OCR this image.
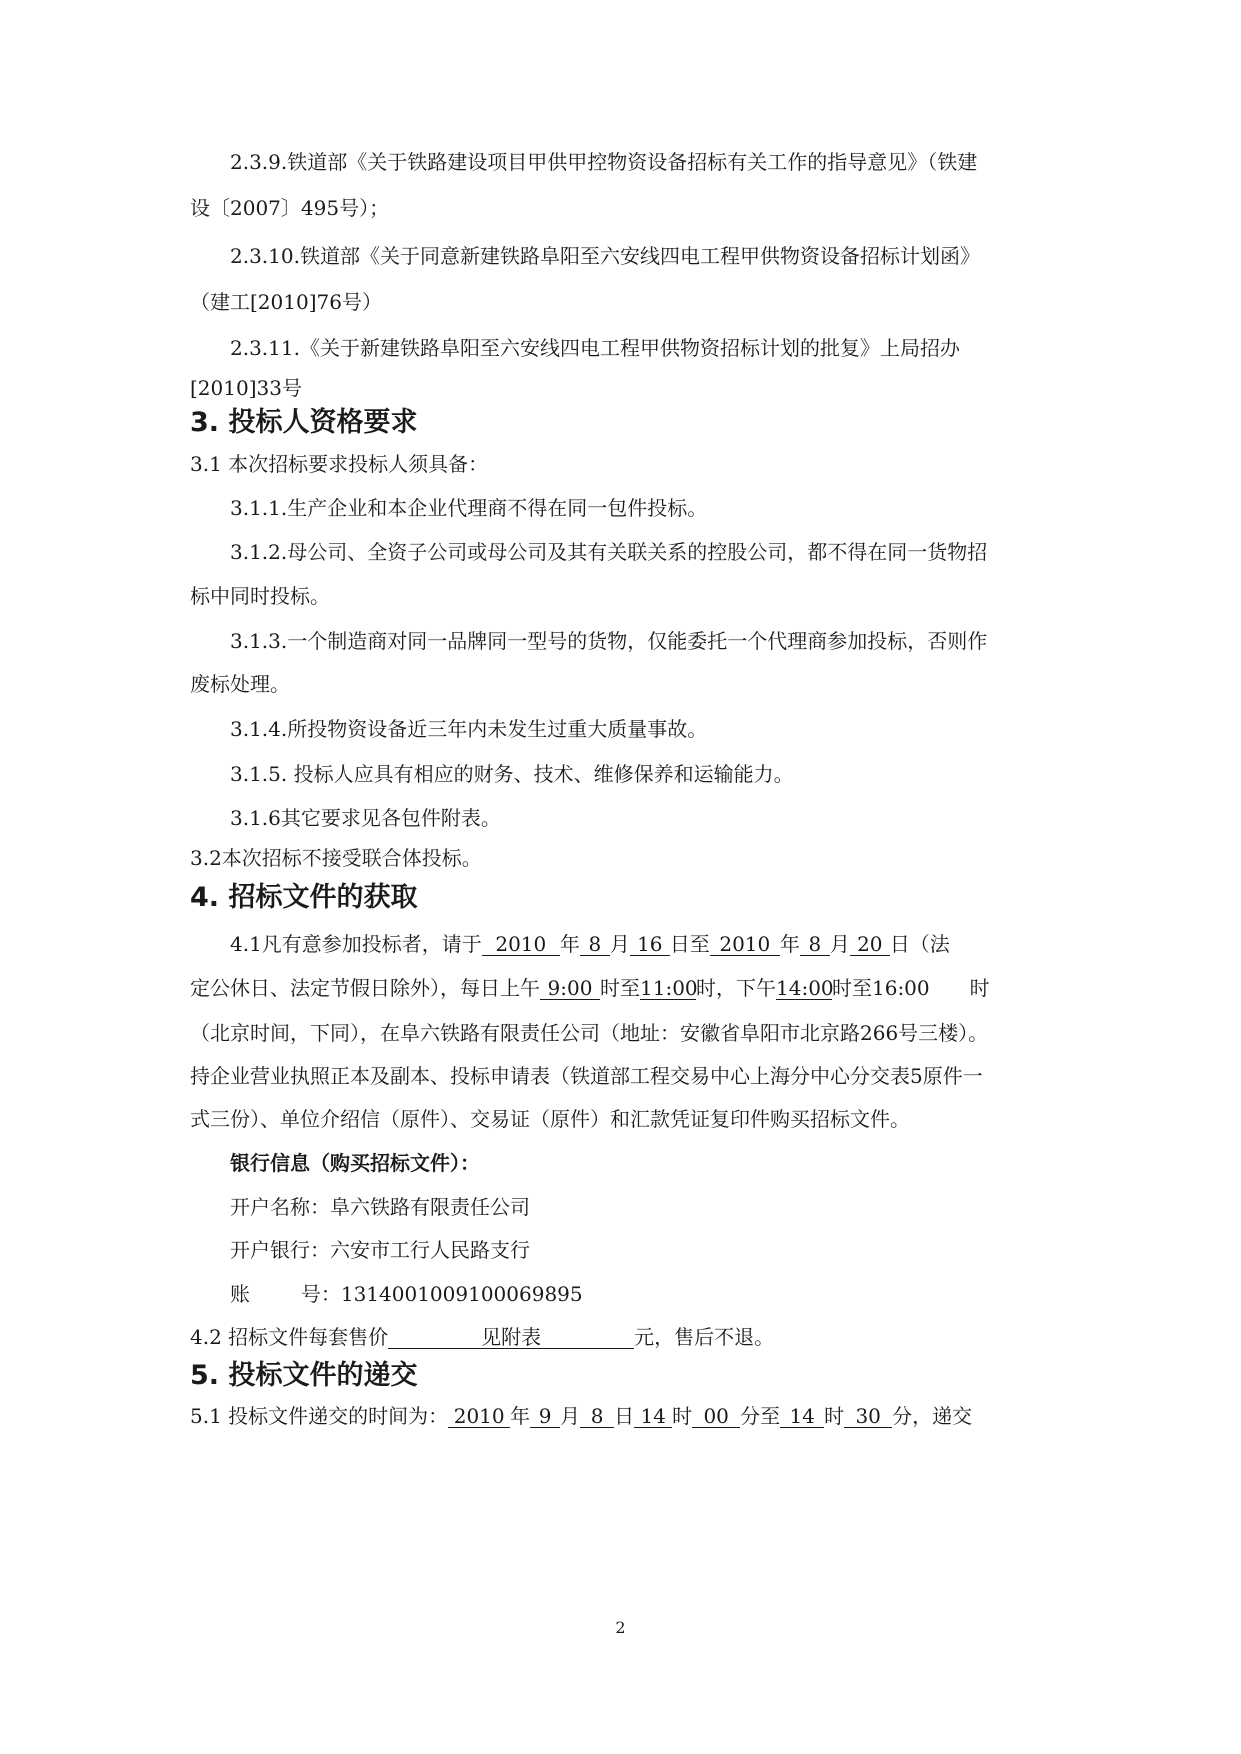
2.3.9.铁道部《关于铁路建设项目甲供甲控物资设备招标有关工作的指导意见》（铁建
设〔2007〕495号）；
2.3.10.铁道部《关于同意新建铁路阜阳至六安线四电工程甲供物资设备招标计划函》
（建工[2010]76号）
2.3.11.《关于新建铁路阜阳至六安线四电工程甲供物资招标计划的批复》上局招办
[2010]33号
3. 投标人资格要求
3.1 本次招标要求投标人须具备：
3.1.1.生产企业和本企业代理商不得在同一包件投标。
3.1.2.母公司、全资子公司或母公司及其有关联关系的控股公司，都不得在同一货物招
标中同时投标。
3.1.3.一个制造商对同一品牌同一型号的货物，仅能委托一个代理商参加投标，否则作
废标处理。
3.1.4.所投物资设备近三年内未发生过重大质量事故。
3.1.5. 投标人应具有相应的财务、技术、维修保养和运输能力。
3.1.6其它要求见各包件附表。
3.2本次招标不接受联合体投标。
4. 招标文件的获取
4.1凡有意参加投标者，请于 2010 年 8 月 16 日至 2010 年 8 月 20 日（法
定公休日、法定节假日除外），每日上午 9:00 时至11:00时，下午14:00时至16:00 时
（北京时间，下同），在阜六铁路有限责任公司（地址：安徽省阜阳市北京路266号三楼）。
持企业营业执照正本及副本、投标申请表（铁道部工程交易中心上海分中心分交表5原件一
式三份）、单位介绍信（原件）、交易证（原件）和汇款凭证复印件购买招标文件。
银行信息（购买招标文件）：
开户名称：阜六铁路有限责任公司
开户银行：六安市工行人民路支行
账        号：1314001009100069895
4.2 招标文件每套售价	见附表	元，售后不退。
5. 投标文件的递交
5.1 投标文件递交的时间为： 2010 年 9 月 8 日 14 时 00 分至 14 时 30 分，递交
2
